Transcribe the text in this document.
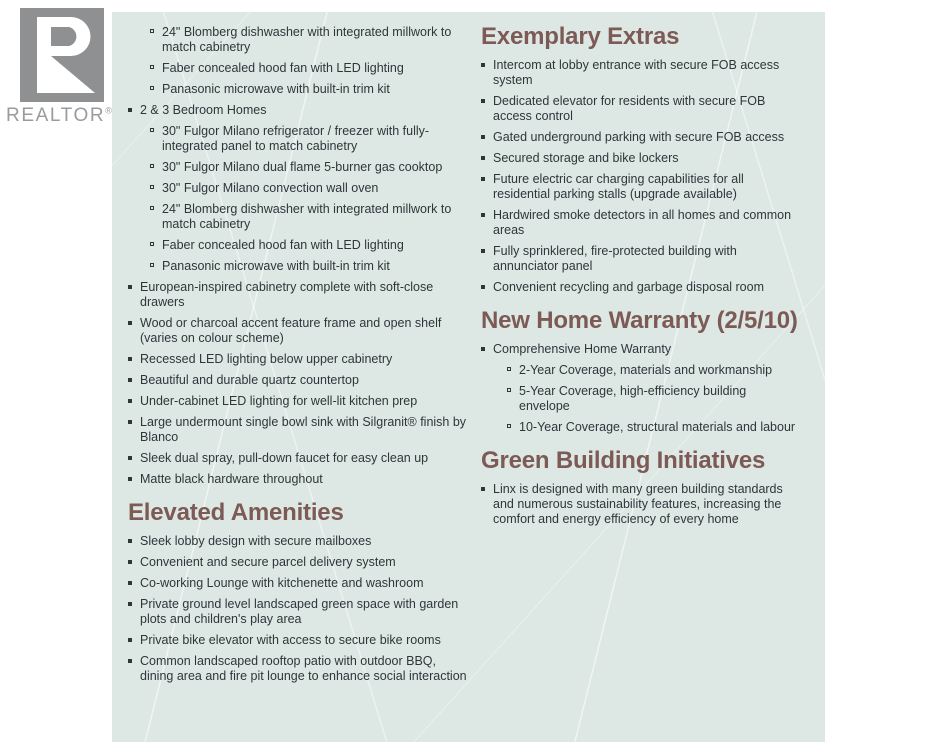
REALTOR®
24" Blomberg dishwasher with integrated millwork to match cabinetry
Faber concealed hood fan with LED lighting
Panasonic microwave with built-in trim kit
2 & 3 Bedroom Homes
30" Fulgor Milano refrigerator / freezer with fully-integrated panel to match cabinetry
30" Fulgor Milano dual flame 5-burner gas cooktop
30" Fulgor Milano convection wall oven
24" Blomberg dishwasher with integrated millwork to match cabinetry
Faber concealed hood fan with LED lighting
Panasonic microwave with built-in trim kit
European-inspired cabinetry complete with soft-close drawers
Wood or charcoal accent feature frame and open shelf (varies on colour scheme)
Recessed LED lighting below upper cabinetry
Beautiful and durable quartz countertop
Under-cabinet LED lighting for well-lit kitchen prep
Large undermount single bowl sink with Silgranit® finish by Blanco
Sleek dual spray, pull-down faucet for easy clean up
Matte black hardware throughout
Elevated Amenities
Sleek lobby design with secure mailboxes
Convenient and secure parcel delivery system
Co-working Lounge with kitchenette and washroom
Private ground level landscaped green space with garden plots and children's play area
Private bike elevator with access to secure bike rooms
Common landscaped rooftop patio with outdoor BBQ, dining area and fire pit lounge to enhance social interaction
Exemplary Extras
Intercom at lobby entrance with secure FOB access system
Dedicated elevator for residents with secure FOB access control
Gated underground parking with secure FOB access
Secured storage and bike lockers
Future electric car charging capabilities for all residential parking stalls (upgrade available)
Hardwired smoke detectors in all homes and common areas
Fully sprinklered, fire-protected building with annunciator panel
Convenient recycling and garbage disposal room
New Home Warranty (2/5/10)
Comprehensive Home Warranty
2-Year Coverage, materials and workmanship
5-Year Coverage, high-efficiency building envelope
10-Year Coverage, structural materials and labour
Green Building Initiatives
Linx is designed with many green building standards and numerous sustainability features, increasing the comfort and energy efficiency of every home
